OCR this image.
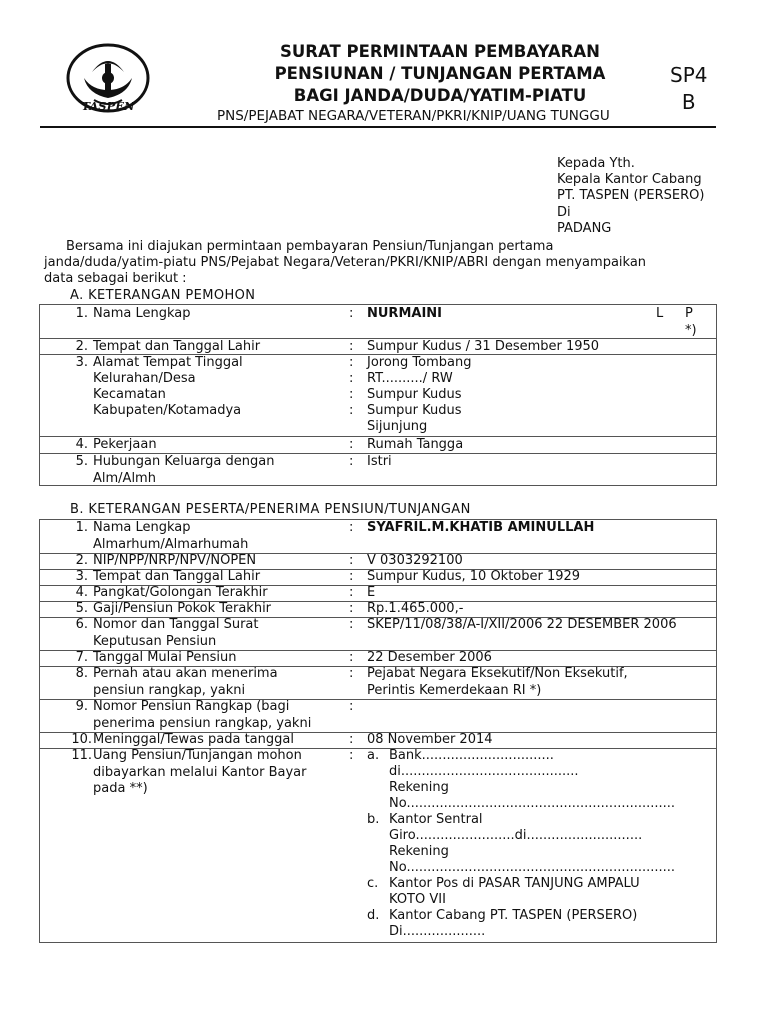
TASPEN
SURAT PERMINTAAN PEMBAYARAN
PENSIUNAN / TUNJANGAN PERTAMA
BAGI JANDA/DUDA/YATIM-PIATU
PNS/PEJABAT NEGARA/VETERAN/PKRI/KNIP/UANG TUNGGU
SP4
B
Kepada Yth.
Kepala Kantor Cabang
PT. TASPEN (PERSERO)
Di
PADANG
Bersama ini diajukan permintaan pembayaran Pensiun/Tunjangan pertama
janda/duda/yatim-piatu PNS/Pejabat Negara/Veteran/PKRI/KNIP/ABRI dengan menyampaikan
data sebagai berikut :
A. KETERANGAN PEMOHON
1. Nama Lengkap	: NURMAINI	L P
*)
2. Tempat dan Tanggal Lahir	: Sumpur Kudus / 31 Desember 1950
3. Alamat Tempat Tinggal	: Jorong Tombang
Kelurahan/Desa	: RT........../ RW
Kecamatan	: Sumpur Kudus
Kabupaten/Kotamadya	: Sumpur Kudus
Sijunjung
4. Pekerjaan	: Rumah Tangga
5. Hubungan Keluarga dengan Alm/Almh
: Istri
B. KETERANGAN PESERTA/PENERIMA PENSIUN/TUNJANGAN
1. Nama Lengkap Almarhum/Almarhumah
: SYAFRIL.M.KHATIB AMINULLAH
2. NIP/NPP/NRP/NPV/NOPEN	: V 0303292100
3. Tempat dan Tanggal Lahir	: Sumpur Kudus, 10 Oktober 1929
4. Pangkat/Golongan Terakhir	: E
5. Gaji/Pensiun Pokok Terakhir	: Rp.1.465.000,-
6. Nomor dan Tanggal Surat Keputusan Pensiun
: SKEP/11/08/38/A-I/XII/2006 22 DESEMBER 2006
7. Tanggal Mulai Pensiun	: 22 Desember 2006
8. Pernah atau akan menerima pensiun rangkap, yakni
: Pejabat Negara Eksekutif/Non Eksekutif, Perintis Kemerdekaan RI *)
9. Nomor Pensiun Rangkap (bagi penerima pensiun rangkap, yakni
:
10. Meninggal/Tewas pada tanggal	: 08 November 2014
11. Uang Pensiun/Tunjangan mohon dibayarkan melalui Kantor Bayar pada **)
: a. Bank................................
di...........................................
Rekening
No.................................................................
b. Kantor Sentral
Giro........................di............................
Rekening
No.................................................................
c. Kantor Pos di PASAR TANJUNG AMPALU
KOTO VII
d. Kantor Cabang PT. TASPEN (PERSERO)
Di....................
